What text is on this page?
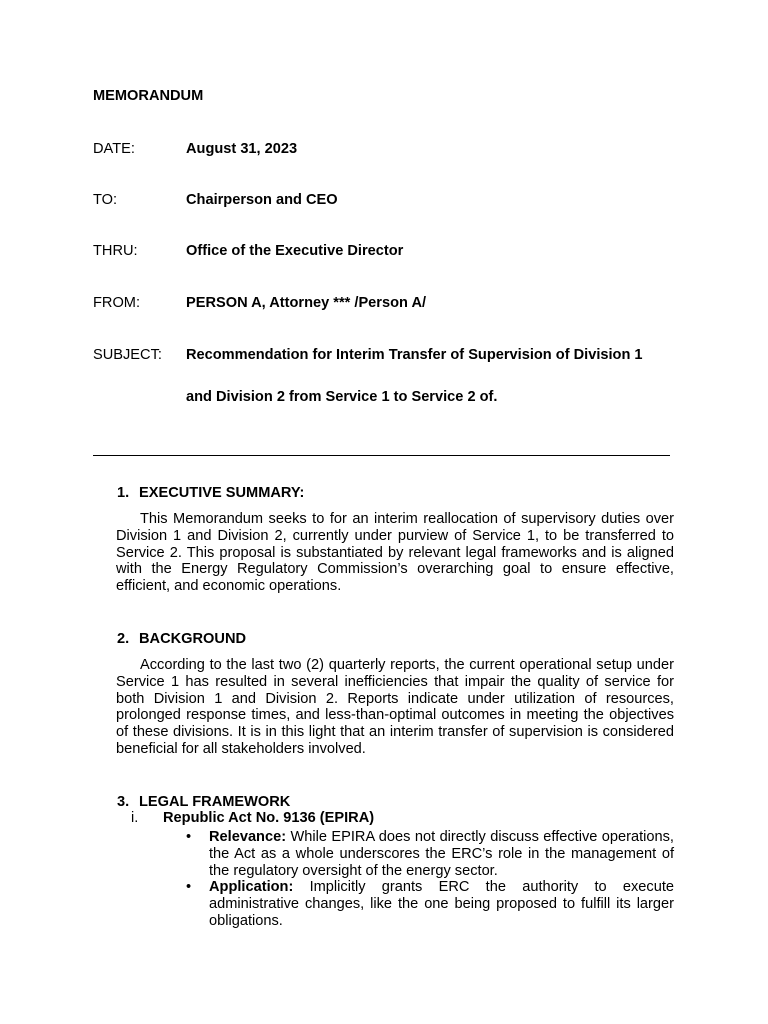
MEMORANDUM
DATE:	August 31, 2023
TO:	Chairperson and CEO
THRU:	Office of the Executive Director
FROM:	PERSON A, Attorney *** /Person A/
SUBJECT: Recommendation for Interim Transfer of Supervision of Division 1
and Division 2 from Service 1 to Service 2 of.
1. EXECUTIVE SUMMARY:

This Memorandum seeks to for an interim reallocation of supervisory duties over Division 1 and Division 2, currently under purview of Service 1, to be transferred to Service 2. This proposal is substantiated by relevant legal frameworks and is aligned with the Energy Regulatory Commission’s overarching goal to ensure effective, efficient, and economic operations.

2. BACKGROUND

According to the last two (2) quarterly reports, the current operational setup under Service 1 has resulted in several inefficiencies that impair the quality of service for both Division 1 and Division 2. Reports indicate under utilization of resources, prolonged response times, and less-than-optimal outcomes in meeting the objectives of these divisions. It is in this light that an interim transfer of supervision is considered beneficial for all stakeholders involved.

3. LEGAL FRAMEWORK
i. Republic Act No. 9136 (EPIRA)
• Relevance: While EPIRA does not directly discuss effective operations, the Act as a whole underscores the ERC’s role in the management of the regulatory oversight of the energy sector.
• Application: Implicitly grants ERC the authority to execute administrative changes, like the one being proposed to fulfill its larger obligations.
